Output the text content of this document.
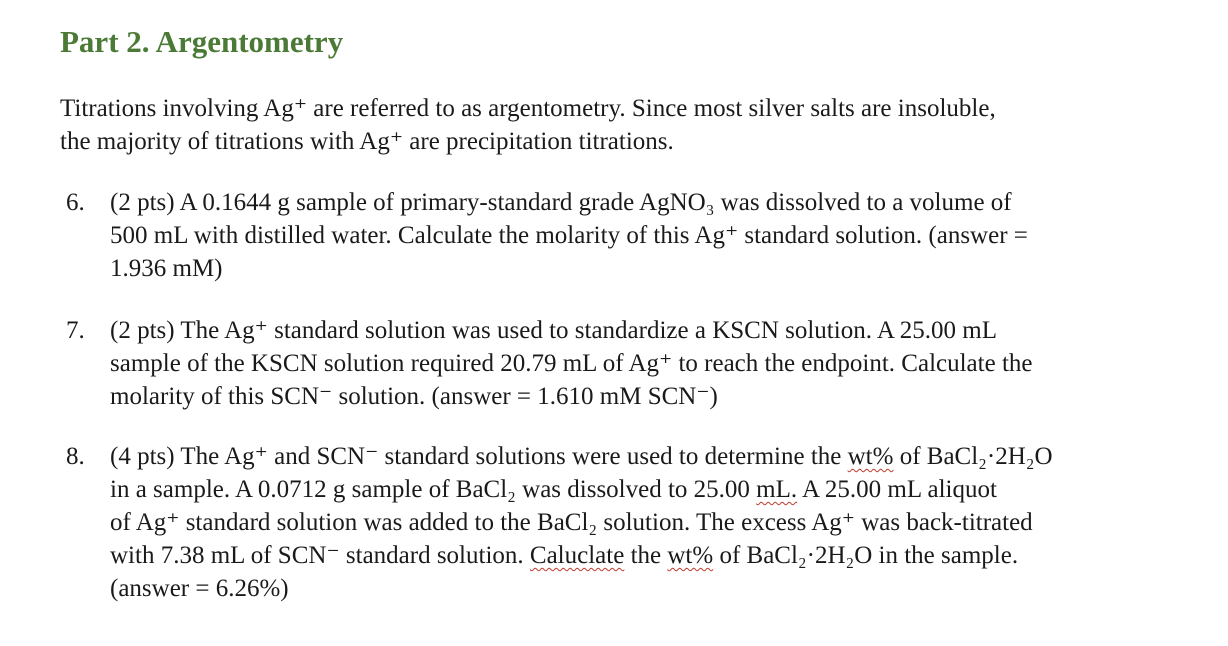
Part 2. Argentometry
Titrations involving Ag⁺ are referred to as argentometry. Since most silver salts are insoluble,
the majority of titrations with Ag⁺ are precipitation titrations.
6. (2 pts) A 0.1644 g sample of primary-standard grade AgNO₃ was dissolved to a volume of
500 mL with distilled water. Calculate the molarity of this Ag⁺ standard solution. (answer =
1.936 mM)
7. (2 pts) The Ag⁺ standard solution was used to standardize a KSCN solution. A 25.00 mL
sample of the KSCN solution required 20.79 mL of Ag⁺ to reach the endpoint. Calculate the
molarity of this SCN⁻ solution. (answer = 1.610 mM SCN⁻)
8. (4 pts) The Ag⁺ and SCN⁻ standard solutions were used to determine the wt% of BaCl₂·2H₂O
in a sample. A 0.0712 g sample of BaCl₂ was dissolved to 25.00 mL. A 25.00 mL aliquot
of Ag⁺ standard solution was added to the BaCl₂ solution. The excess Ag⁺ was back-titrated
with 7.38 mL of SCN⁻ standard solution. Caluclate the wt% of BaCl₂·2H₂O in the sample.
(answer = 6.26%)
